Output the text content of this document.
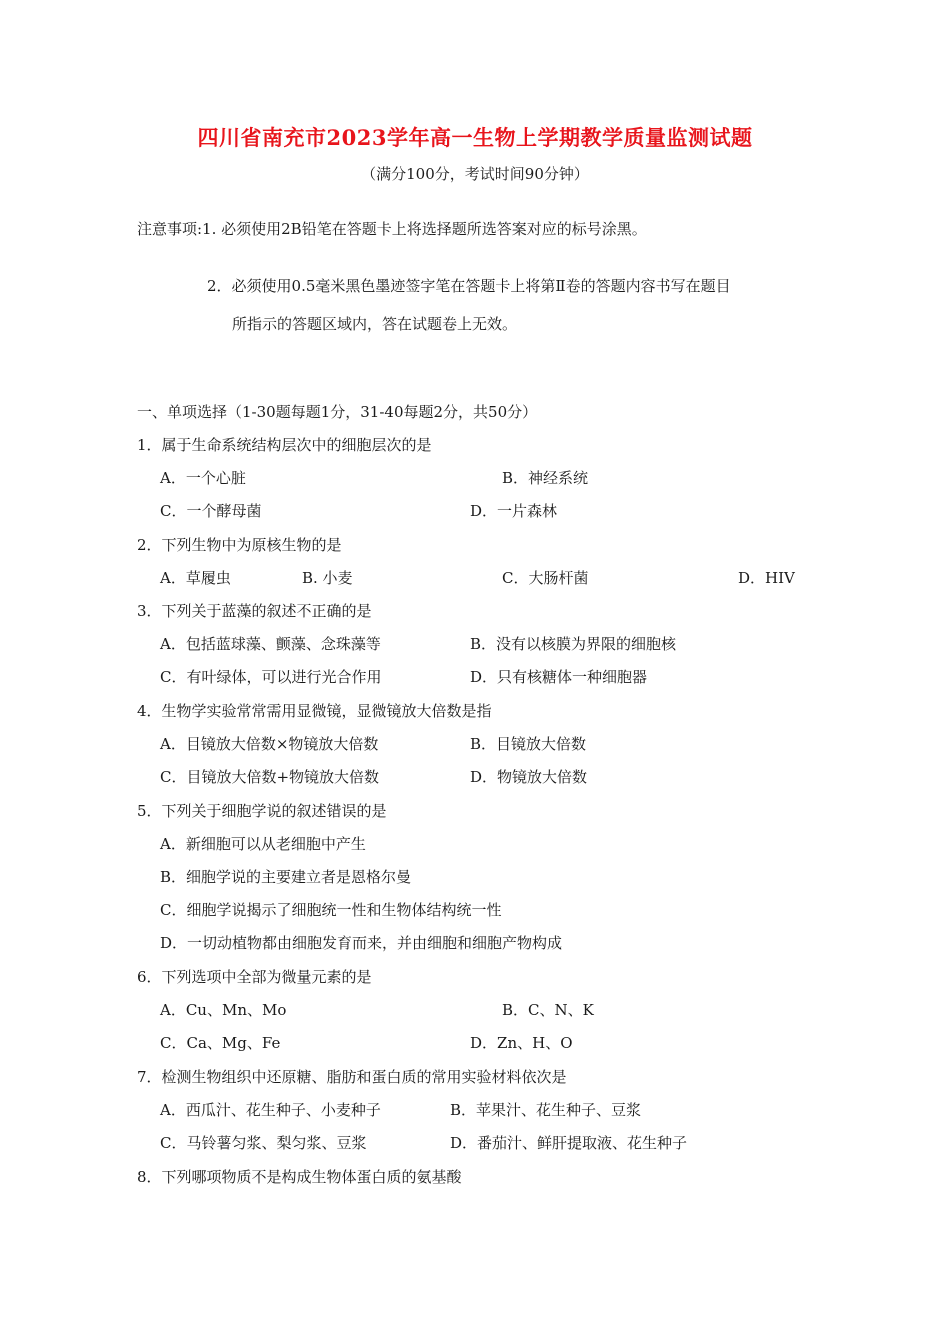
四川省南充市2023学年高一生物上学期教学质量监测试题
（满分100分，考试时间90分钟）
注意事项:1. 必须使用2B铅笔在答题卡上将选择题所选答案对应的标号涂黑。
2．必须使用0.5毫米黑色墨迹签字笔在答题卡上将第Ⅱ卷的答题内容书写在题目
所指示的答题区域内，答在试题卷上无效。
一、单项选择（1-30题每题1分，31-40每题2分，共50分）
1．属于生命系统结构层次中的细胞层次的是
A．一个心脏	B．神经系统
C．一个酵母菌	D．一片森林
2．下列生物中为原核生物的是
A．草履虫	B. 小麦	C．大肠杆菌	D．HIV
3．下列关于蓝藻的叙述不正确的是
A．包括蓝球藻、颤藻、念珠藻等	B．没有以核膜为界限的细胞核
C．有叶绿体，可以进行光合作用	D．只有核糖体一种细胞器
4．生物学实验常常需用显微镜，显微镜放大倍数是指
A．目镜放大倍数×物镜放大倍数	B．目镜放大倍数
C．目镜放大倍数+物镜放大倍数	D．物镜放大倍数
5．下列关于细胞学说的叙述错误的是
A．新细胞可以从老细胞中产生
B．细胞学说的主要建立者是恩格尔曼
C．细胞学说揭示了细胞统一性和生物体结构统一性
D．一切动植物都由细胞发育而来，并由细胞和细胞产物构成
6．下列选项中全部为微量元素的是
A．Cu、Mn、Mo	B．C、N、K
C．Ca、Mg、Fe	D．Zn、H、O
7．检测生物组织中还原糖、脂肪和蛋白质的常用实验材料依次是
A．西瓜汁、花生种子、小麦种子	B．苹果汁、花生种子、豆浆
C．马铃薯匀浆、梨匀浆、豆浆	D．番茄汁、鲜肝提取液、花生种子
8．下列哪项物质不是构成生物体蛋白质的氨基酸
